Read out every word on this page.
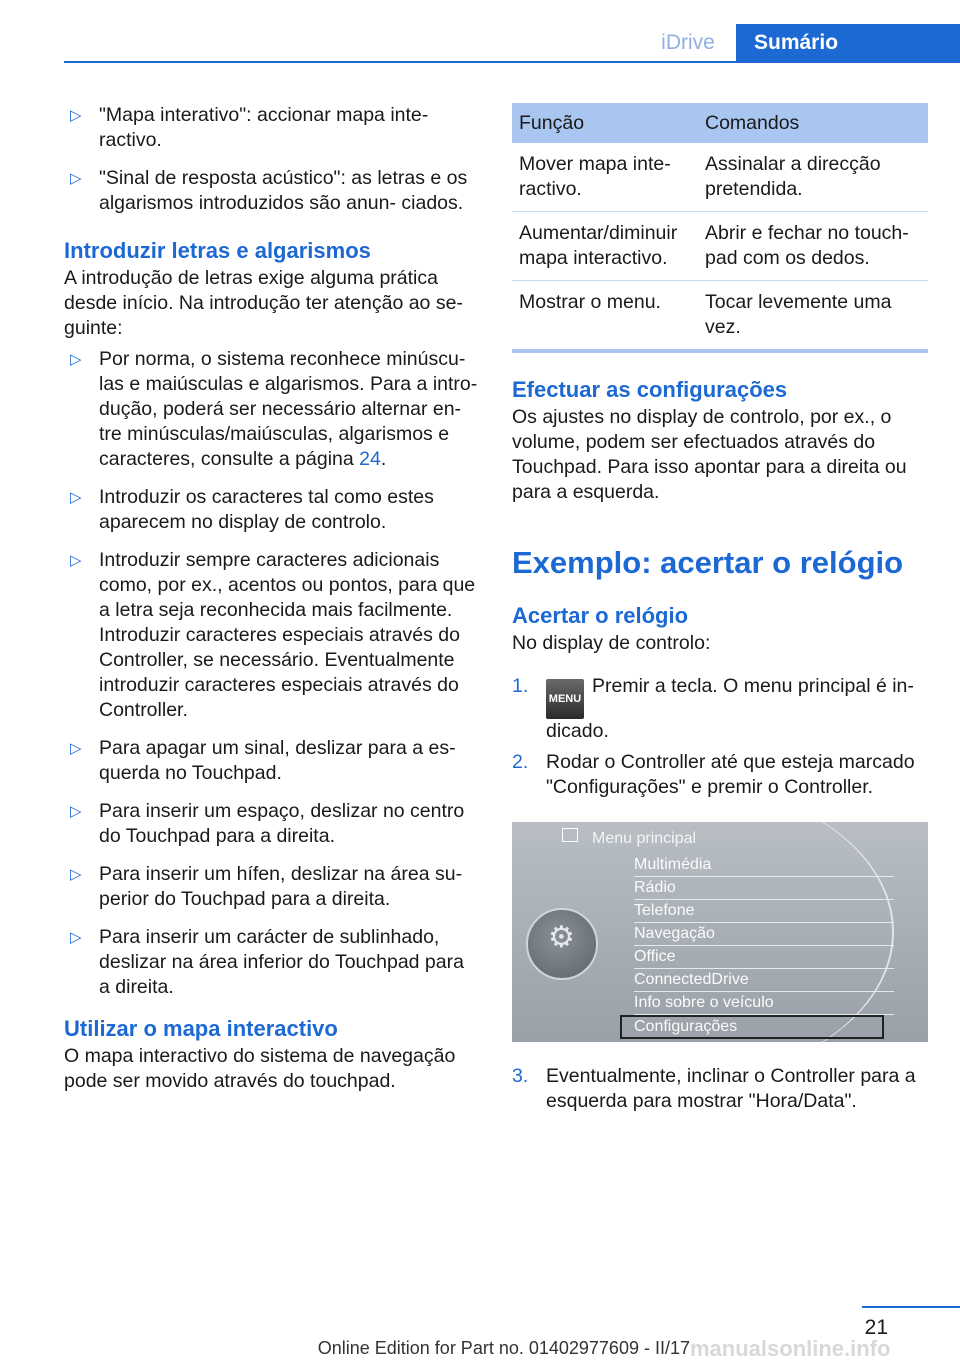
iDrive	Sumário
▷ "Mapa interativo": accionar mapa inte- ractivo.
▷ "Sinal de resposta acústico": as letras e os algarismos introduzidos são anun- ciados.
Introduzir letras e algarismos

A introdução de letras exige alguma prática desde início. Na introdução ter atenção ao se- guinte:

▷ Por norma, o sistema reconhece minúscu- las e maiúsculas e algarismos. Para a intro- dução, poderá ser necessário alternar en- tre minúsculas/maiúsculas, algarismos e caracteres, consulte a página 24.
▷ Introduzir os caracteres tal como estes aparecem no display de controlo.
▷ Introduzir sempre caracteres adicionais como, por ex., acentos ou pontos, para que a letra seja reconhecida mais facilmente. Introduzir caracteres especiais através do Controller, se necessário. Eventualmente introduzir caracteres especiais através do Controller.
▷ Para apagar um sinal, deslizar para a es- querda no Touchpad.
▷ Para inserir um espaço, deslizar no centro do Touchpad para a direita.
▷ Para inserir um hífen, deslizar na área su- perior do Touchpad para a direita.
▷ Para inserir um carácter de sublinhado, deslizar na área inferior do Touchpad para a direita.
Utilizar o mapa interactivo

O mapa interactivo do sistema de navegação pode ser movido através do touchpad.

Função	Comandos
Mover mapa inte- ractivo.	Assinalar a direcção pretendida.
Aumentar/diminuir mapa interactivo.	Abrir e fechar no touch- pad com os dedos.
Mostrar o menu.	Tocar levemente uma vez.
Efectuar as configurações

Os ajustes no display de controlo, por ex., o volume, podem ser efectuados através do Touchpad. Para isso apontar para a direita ou para a esquerda.

Exemplo: acertar o relógio
Acertar o relógio

No display de controlo:

1.
MENUPremir a tecla. O menu principal é in- dicado.
2. Rodar o Controller até que esteja marcado "Configurações" e premir o Controller.
Menu principal
Multimédia
Rádio
Telefone
Navegação
Office
ConnectedDrive
Info sobre o veículo
Configurações
⚙
3. Eventualmente, inclinar o Controller para a esquerda para mostrar "Hora/Data".
21
Online Edition for Part no. 01402977609 - II/17 manualsonline.info
